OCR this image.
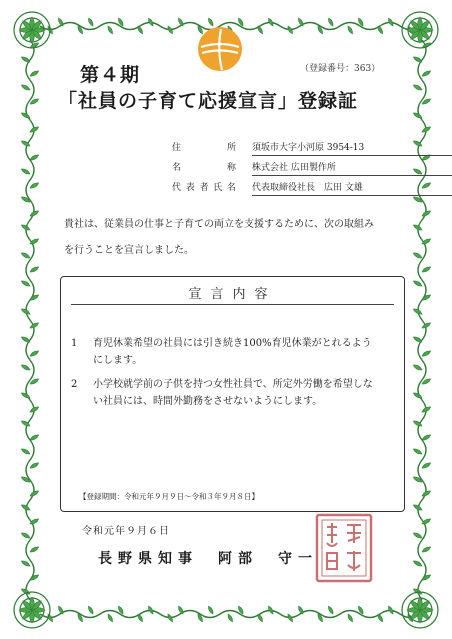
（登録番号：363）
第４期
「社員の子育て応援宣言」登録証
住　　　所 須坂市大字小河原 3954-13
名　　　称 株式会社 広田製作所
代表者氏名 代表取締役社長　広田 文雄
貴社は、従業員の仕事と子育ての両立を支援するために、次の取組み
を行うことを宣言しました。
宣言内容
1	育児休業希望の社員には引き続き100%育児休業がとれるよう
にします。
2	小学校就学前の子供を持つ女性社員で、所定外労働を希望しな
い社員には、時間外勤務をさせないようにします。
【登録期間：令和元年９月９日～令和３年９月８日】
令和元年９月６日
長野県知事　阿部　守一
